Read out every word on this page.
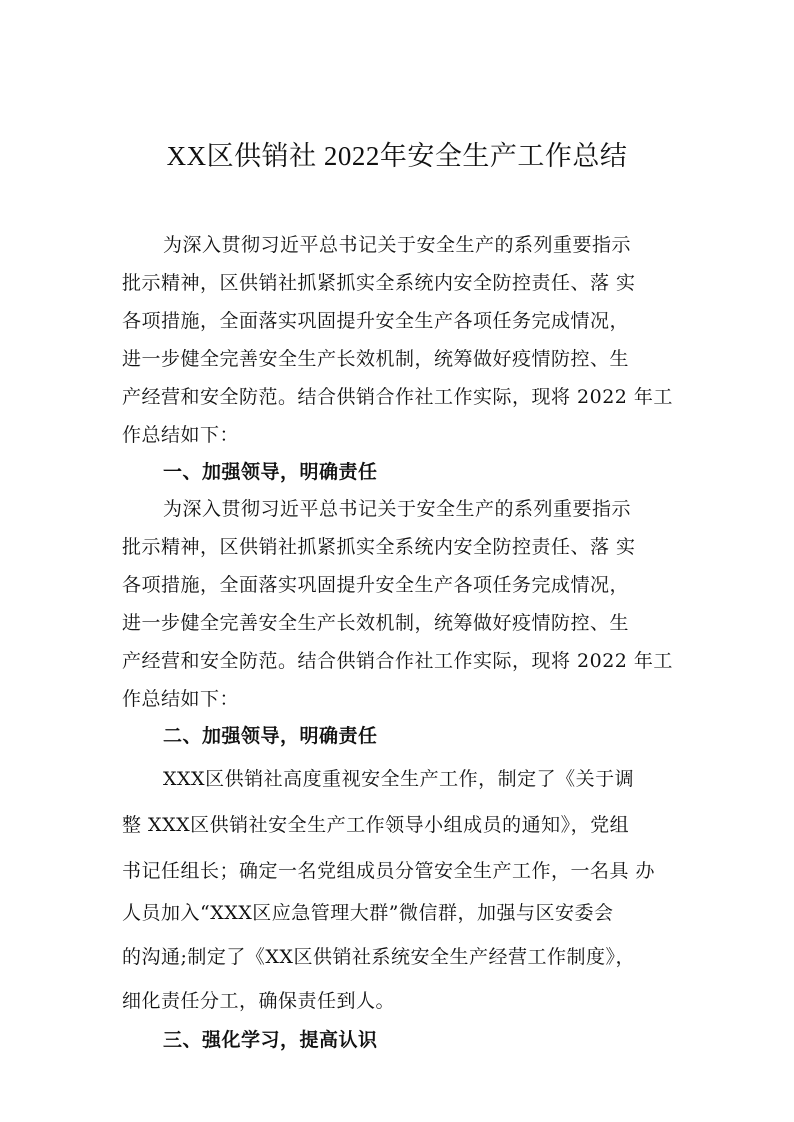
XX区供销社 2022年安全生产工作总结
为深入贯彻习近平总书记关于安全生产的系列重要指示
批示精神，区供销社抓紧抓实全系统内安全防控责任、落 实
各项措施，全面落实巩固提升安全生产各项任务完成情况，
进一步健全完善安全生产长效机制，统筹做好疫情防控、生
产经营和安全防范。结合供销合作社工作实际，现将 2022 年工
作总结如下：
一、加强领导，明确责任
为深入贯彻习近平总书记关于安全生产的系列重要指示
批示精神，区供销社抓紧抓实全系统内安全防控责任、落 实
各项措施，全面落实巩固提升安全生产各项任务完成情况，
进一步健全完善安全生产长效机制，统筹做好疫情防控、生
产经营和安全防范。结合供销合作社工作实际，现将 2022 年工
作总结如下：
二、加强领导，明确责任
XXX区供销社高度重视安全生产工作，制定了《关于调
整 XXX区供销社安全生产工作领导小组成员的通知》，党组
书记任组长；确定一名党组成员分管安全生产工作，一名具 办
人员加入“XXX区应急管理大群”微信群，加强与区安委会
的沟通;制定了《XX区供销社系统安全生产经营工作制度》，
细化责任分工，确保责任到人。
三、强化学习，提高认识
